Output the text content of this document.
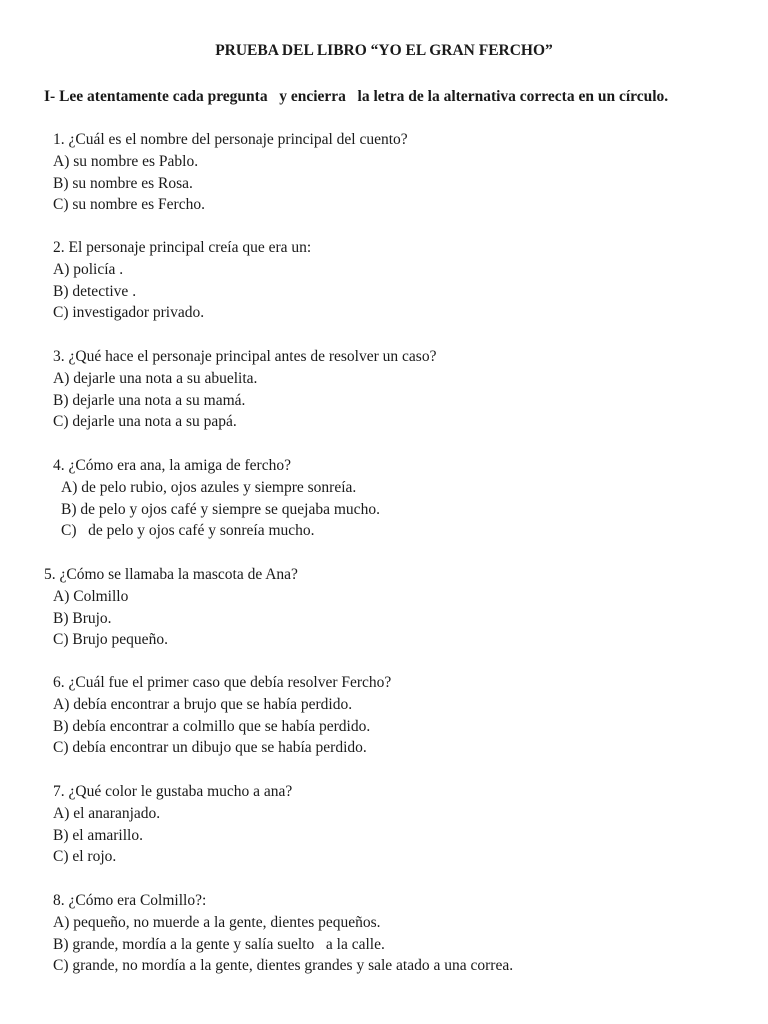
PRUEBA DEL LIBRO “YO EL GRAN FERCHO”
I- Lee atentamente cada pregunta   y encierra   la letra de la alternativa correcta en un círculo.
1. ¿Cuál es el nombre del personaje principal del cuento?
A) su nombre es Pablo.
B) su nombre es Rosa.
C) su nombre es Fercho.
2. El personaje principal creía que era un:
A) policía .
B) detective .
C) investigador privado.
3. ¿Qué hace el personaje principal antes de resolver un caso?
A) dejarle una nota a su abuelita.
B) dejarle una nota a su mamá.
C) dejarle una nota a su papá.
4. ¿Cómo era ana, la amiga de fercho?
A) de pelo rubio, ojos azules y siempre sonreía.
B) de pelo y ojos café y siempre se quejaba mucho.
C)   de pelo y ojos café y sonreía mucho.
5. ¿Cómo se llamaba la mascota de Ana?
A) Colmillo
B) Brujo.
C) Brujo pequeño.
6. ¿Cuál fue el primer caso que debía resolver Fercho?
A) debía encontrar a brujo que se había perdido.
B) debía encontrar a colmillo que se había perdido.
C) debía encontrar un dibujo que se había perdido.
7. ¿Qué color le gustaba mucho a ana?
A) el anaranjado.
B) el amarillo.
C) el rojo.
8. ¿Cómo era Colmillo?:
A) pequeño, no muerde a la gente, dientes pequeños.
B) grande, mordía a la gente y salía suelto   a la calle.
C) grande, no mordía a la gente, dientes grandes y sale atado a una correa.
